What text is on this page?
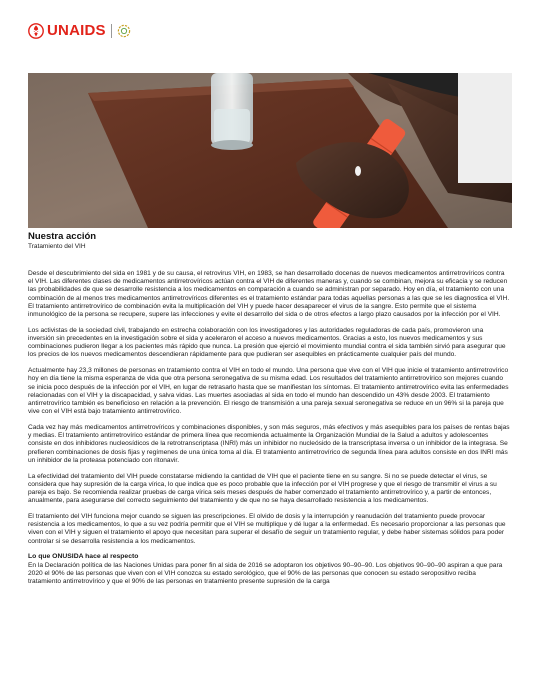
UNAIDS
Nuestra acción
Tratamiento del VIH

Desde el descubrimiento del sida en 1981 y de su causa, el retrovirus VIH, en 1983, se han desarrollado docenas de nuevos medicamentos antirretrovíricos contra el VIH. Las diferentes clases de medicamentos antirretrovíricos actúan contra el VIH de diferentes maneras y, cuando se combinan, mejora su eficacia y se reducen las probabilidades de que se desarrolle resistencia a los medicamentos en comparación a cuando se administran por separado. Hoy en día, el tratamiento con una combinación de al menos tres medicamentos antirretrovíricos diferentes es el tratamiento estándar para todas aquellas personas a las que se les diagnostica el VIH. El tratamiento antirretrovírico de combinación evita la multiplicación del VIH y puede hacer desaparecer el virus de la sangre. Esto permite que el sistema inmunológico de la persona se recupere, supere las infecciones y evite el desarrollo del sida o de otros efectos a largo plazo causados por la infección por el VIH.

Los activistas de la sociedad civil, trabajando en estrecha colaboración con los investigadores y las autoridades reguladoras de cada país, promovieron una inversión sin precedentes en la investigación sobre el sida y aceleraron el acceso a nuevos medicamentos. Gracias a esto, los nuevos medicamentos y sus combinaciones pudieron llegar a los pacientes más rápido que nunca. La presión que ejerció el movimiento mundial contra el sida también sirvió para asegurar que los precios de los nuevos medicamentos descendieran rápidamente para que pudieran ser asequibles en prácticamente cualquier país del mundo.

Actualmente hay 23,3 millones de personas en tratamiento contra el VIH en todo el mundo. Una persona que vive con el VIH que inicie el tratamiento antirretrovírico hoy en día tiene la misma esperanza de vida que otra persona seronegativa de su misma edad. Los resultados del tratamiento antirretrovírico son mejores cuando se inicia poco después de la infección por el VIH, en lugar de retrasarlo hasta que se manifiestan los síntomas. El tratamiento antirretrovírico evita las enfermedades relacionadas con el VIH y la discapacidad, y salva vidas. Las muertes asociadas al sida en todo el mundo han descendido un 43% desde 2003. El tratamiento antirretrovírico también es beneficioso en relación a la prevención. El riesgo de transmisión a una pareja sexual seronegativa se reduce en un 96% si la pareja que vive con el VIH está bajo tratamiento antirretrovírico.

Cada vez hay más medicamentos antirretrovíricos y combinaciones disponibles, y son más seguros, más efectivos y más asequibles para los países de rentas bajas y medias. El tratamiento antirretrovírico estándar de primera línea que recomienda actualmente la Organización Mundial de la Salud a adultos y adolescentes consiste en dos inhibidores nucleosídicos de la retrotranscriptasa (INRI) más un inhibidor no nucleósido de la transcriptasa inversa o un inhibidor de la integrasa. Se prefieren combinaciones de dosis fijas y regímenes de una única toma al día. El tratamiento antirretrovírico de segunda línea para adultos consiste en dos INRI más un inhibidor de la proteasa potenciado con ritonavir.

La efectividad del tratamiento del VIH puede constatarse midiendo la cantidad de VIH que el paciente tiene en su sangre. Si no se puede detectar el virus, se considera que hay supresión de la carga vírica, lo que indica que es poco probable que la infección por el VIH progrese y que el riesgo de transmitir el virus a su pareja es bajo. Se recomienda realizar pruebas de carga vírica seis meses después de haber comenzado el tratamiento antirretrovírico y, a partir de entonces, anualmente, para asegurarse del correcto seguimiento del tratamiento y de que no se haya desarrollado resistencia a los medicamentos.

El tratamiento del VIH funciona mejor cuando se siguen las prescripciones. El olvido de dosis y la interrupción y reanudación del tratamiento puede provocar resistencia a los medicamentos, lo que a su vez podría permitir que el VIH se multiplique y dé lugar a la enfermedad. Es necesario proporcionar a las personas que viven con el VIH y siguen el tratamiento el apoyo que necesitan para superar el desafío de seguir un tratamiento regular, y debe haber sistemas sólidos para poder controlar si se desarrolla resistencia a los medicamentos.

Lo que ONUSIDA hace al respecto

En la Declaración política de las Naciones Unidas para poner fin al sida de 2016 se adoptaron los objetivos 90–90–90. Los objetivos 90–90–90 aspiran a que para 2020 el 90% de las personas que viven con el VIH conozca su estado serológico, que el 90% de las personas que conocen su estado seropositivo reciba tratamiento antirretrovírico y que el 90% de las personas en tratamiento presente supresión de la carga
